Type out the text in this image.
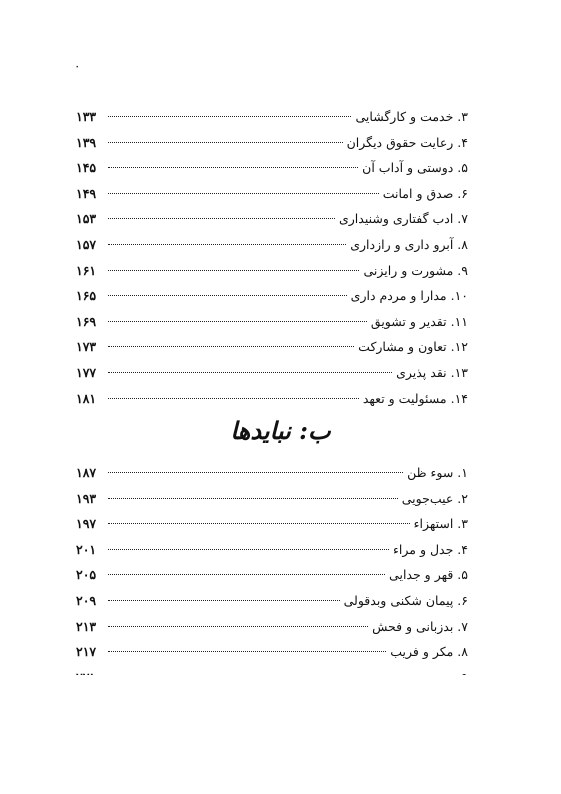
۰
۳. خدمت و کارگشایی
۱۳۳
۴. رعایت حقوق دیگران
۱۳۹
۵. دوستی و آداب آن
۱۴۵
۶. صدق و امانت
۱۴۹
۷. ادب گفتاری وشنیداری
۱۵۳
۸. آبرو داری و رازداری
۱۵۷
۹. مشورت و رایزنی
۱۶۱
۱۰. مدارا و مردم داری
۱۶۵
۱۱. تقدیر و تشویق
۱۶۹
۱۲. تعاون و مشارکت
۱۷۳
۱۳. نقد پذیری
۱۷۷
۱۴. مسئولیت و تعهد
۱۸۱
ب: نبایدها
۱. سوء ظن
۱۸۷
۲. عیب‌جویی
۱۹۳
۳. استهزاء
۱۹۷
۴. جدل و مراء
۲۰۱
۵. قهر و جدایی
۲۰۵
۶. پیمان شکنی وبدقولی
۲۰۹
۷. بدزبانی و فحش
۲۱۳
۸. مکر و فریب
۲۱۷
